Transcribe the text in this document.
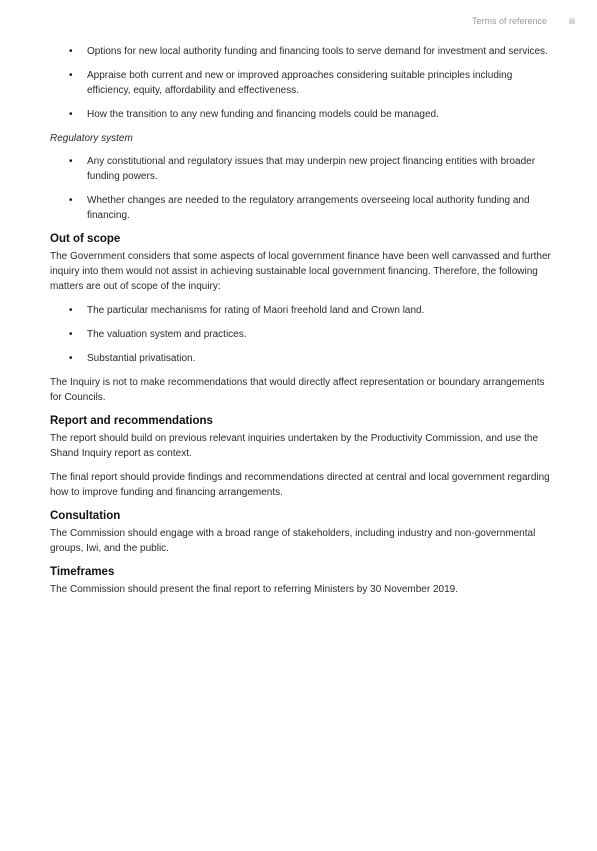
Terms of reference iii
• Options for new local authority funding and financing tools to serve demand for investment and services.
• Appraise both current and new or improved approaches considering suitable principles including efficiency, equity, affordability and effectiveness.
• How the transition to any new funding and financing models could be managed.
Regulatory system
• Any constitutional and regulatory issues that may underpin new project financing entities with broader funding powers.
• Whether changes are needed to the regulatory arrangements overseeing local authority funding and financing.
Out of scope

The Government considers that some aspects of local government finance have been well canvassed and further inquiry into them would not assist in achieving sustainable local government financing. Therefore, the following matters are out of scope of the inquiry:

• The particular mechanisms for rating of Maori freehold land and Crown land.
• The valuation system and practices.
• Substantial privatisation.

The Inquiry is not to make recommendations that would directly affect representation or boundary arrangements for Councils.

Report and recommendations

The report should build on previous relevant inquiries undertaken by the Productivity Commission, and use the Shand Inquiry report as context.

The final report should provide findings and recommendations directed at central and local government regarding how to improve funding and financing arrangements.

Consultation

The Commission should engage with a broad range of stakeholders, including industry and non-governmental groups, Iwi, and the public.

Timeframes

The Commission should present the final report to referring Ministers by 30 November 2019.
